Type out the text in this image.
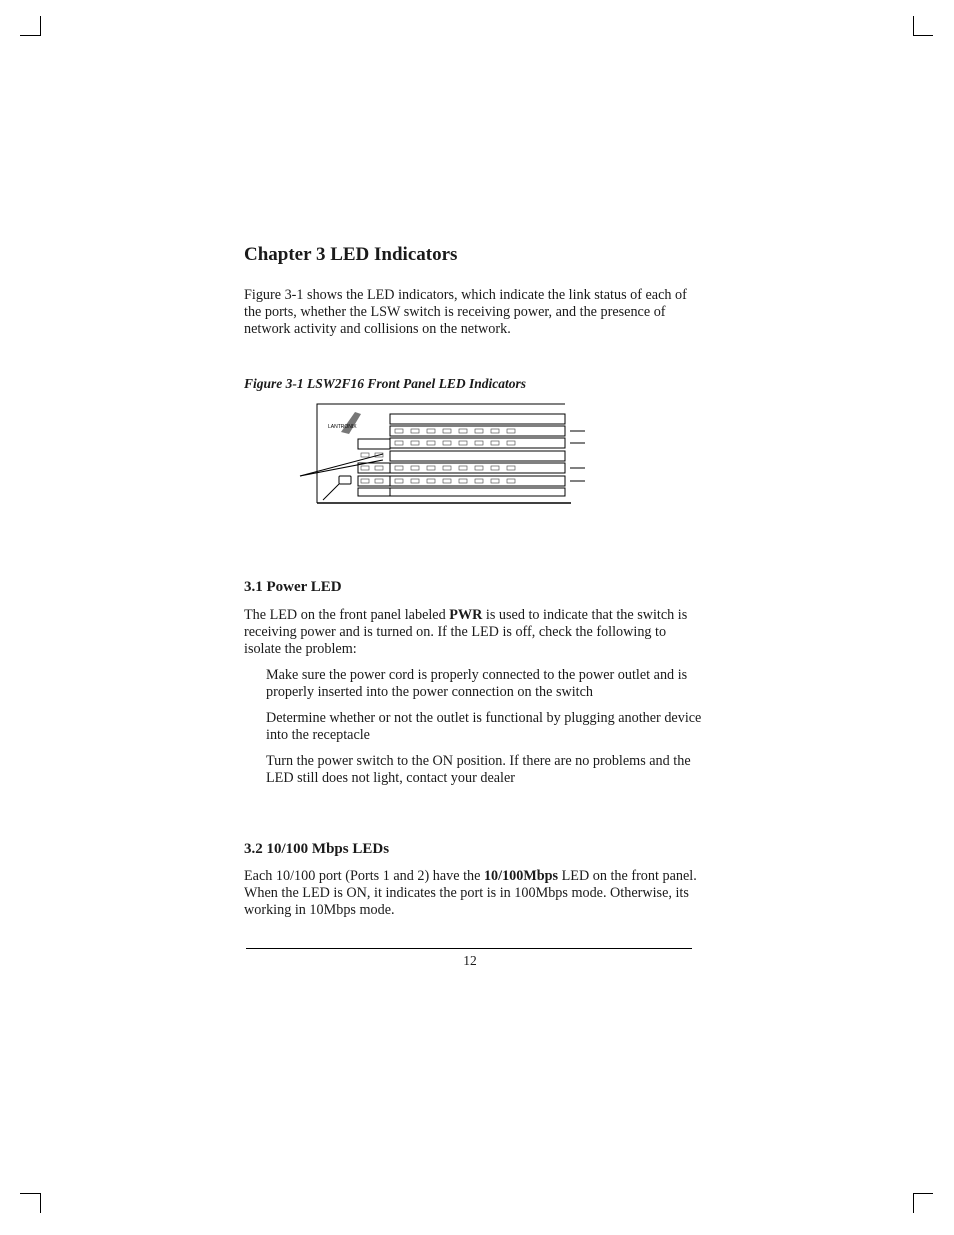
Chapter 3 LED Indicators

Figure 3-1 shows the LED indicators, which indicate the link status of each of the ports, whether the LSW switch is receiving power, and the presence of network activity and collisions on the network.

Figure 3-1 LSW2F16 Front Panel LED Indicators
LANTRONIX
3.1 Power LED

The LED on the front panel labeled PWR is used to indicate that the switch is receiving power and is turned on. If the LED is off, check the following to isolate the problem:

Make sure the power cord is properly connected to the power outlet and is properly inserted into the power connection on the switch

Determine whether or not the outlet is functional by plugging another device into the receptacle

Turn the power switch to the ON position. If there are no problems and the LED still does not light, contact your dealer

3.2 10/100 Mbps LEDs

Each 10/100 port (Ports 1 and 2) have the 10/100Mbps LED on the front panel. When the LED is ON, it indicates the port is in 100Mbps mode. Otherwise, its working in 10Mbps mode.

12
